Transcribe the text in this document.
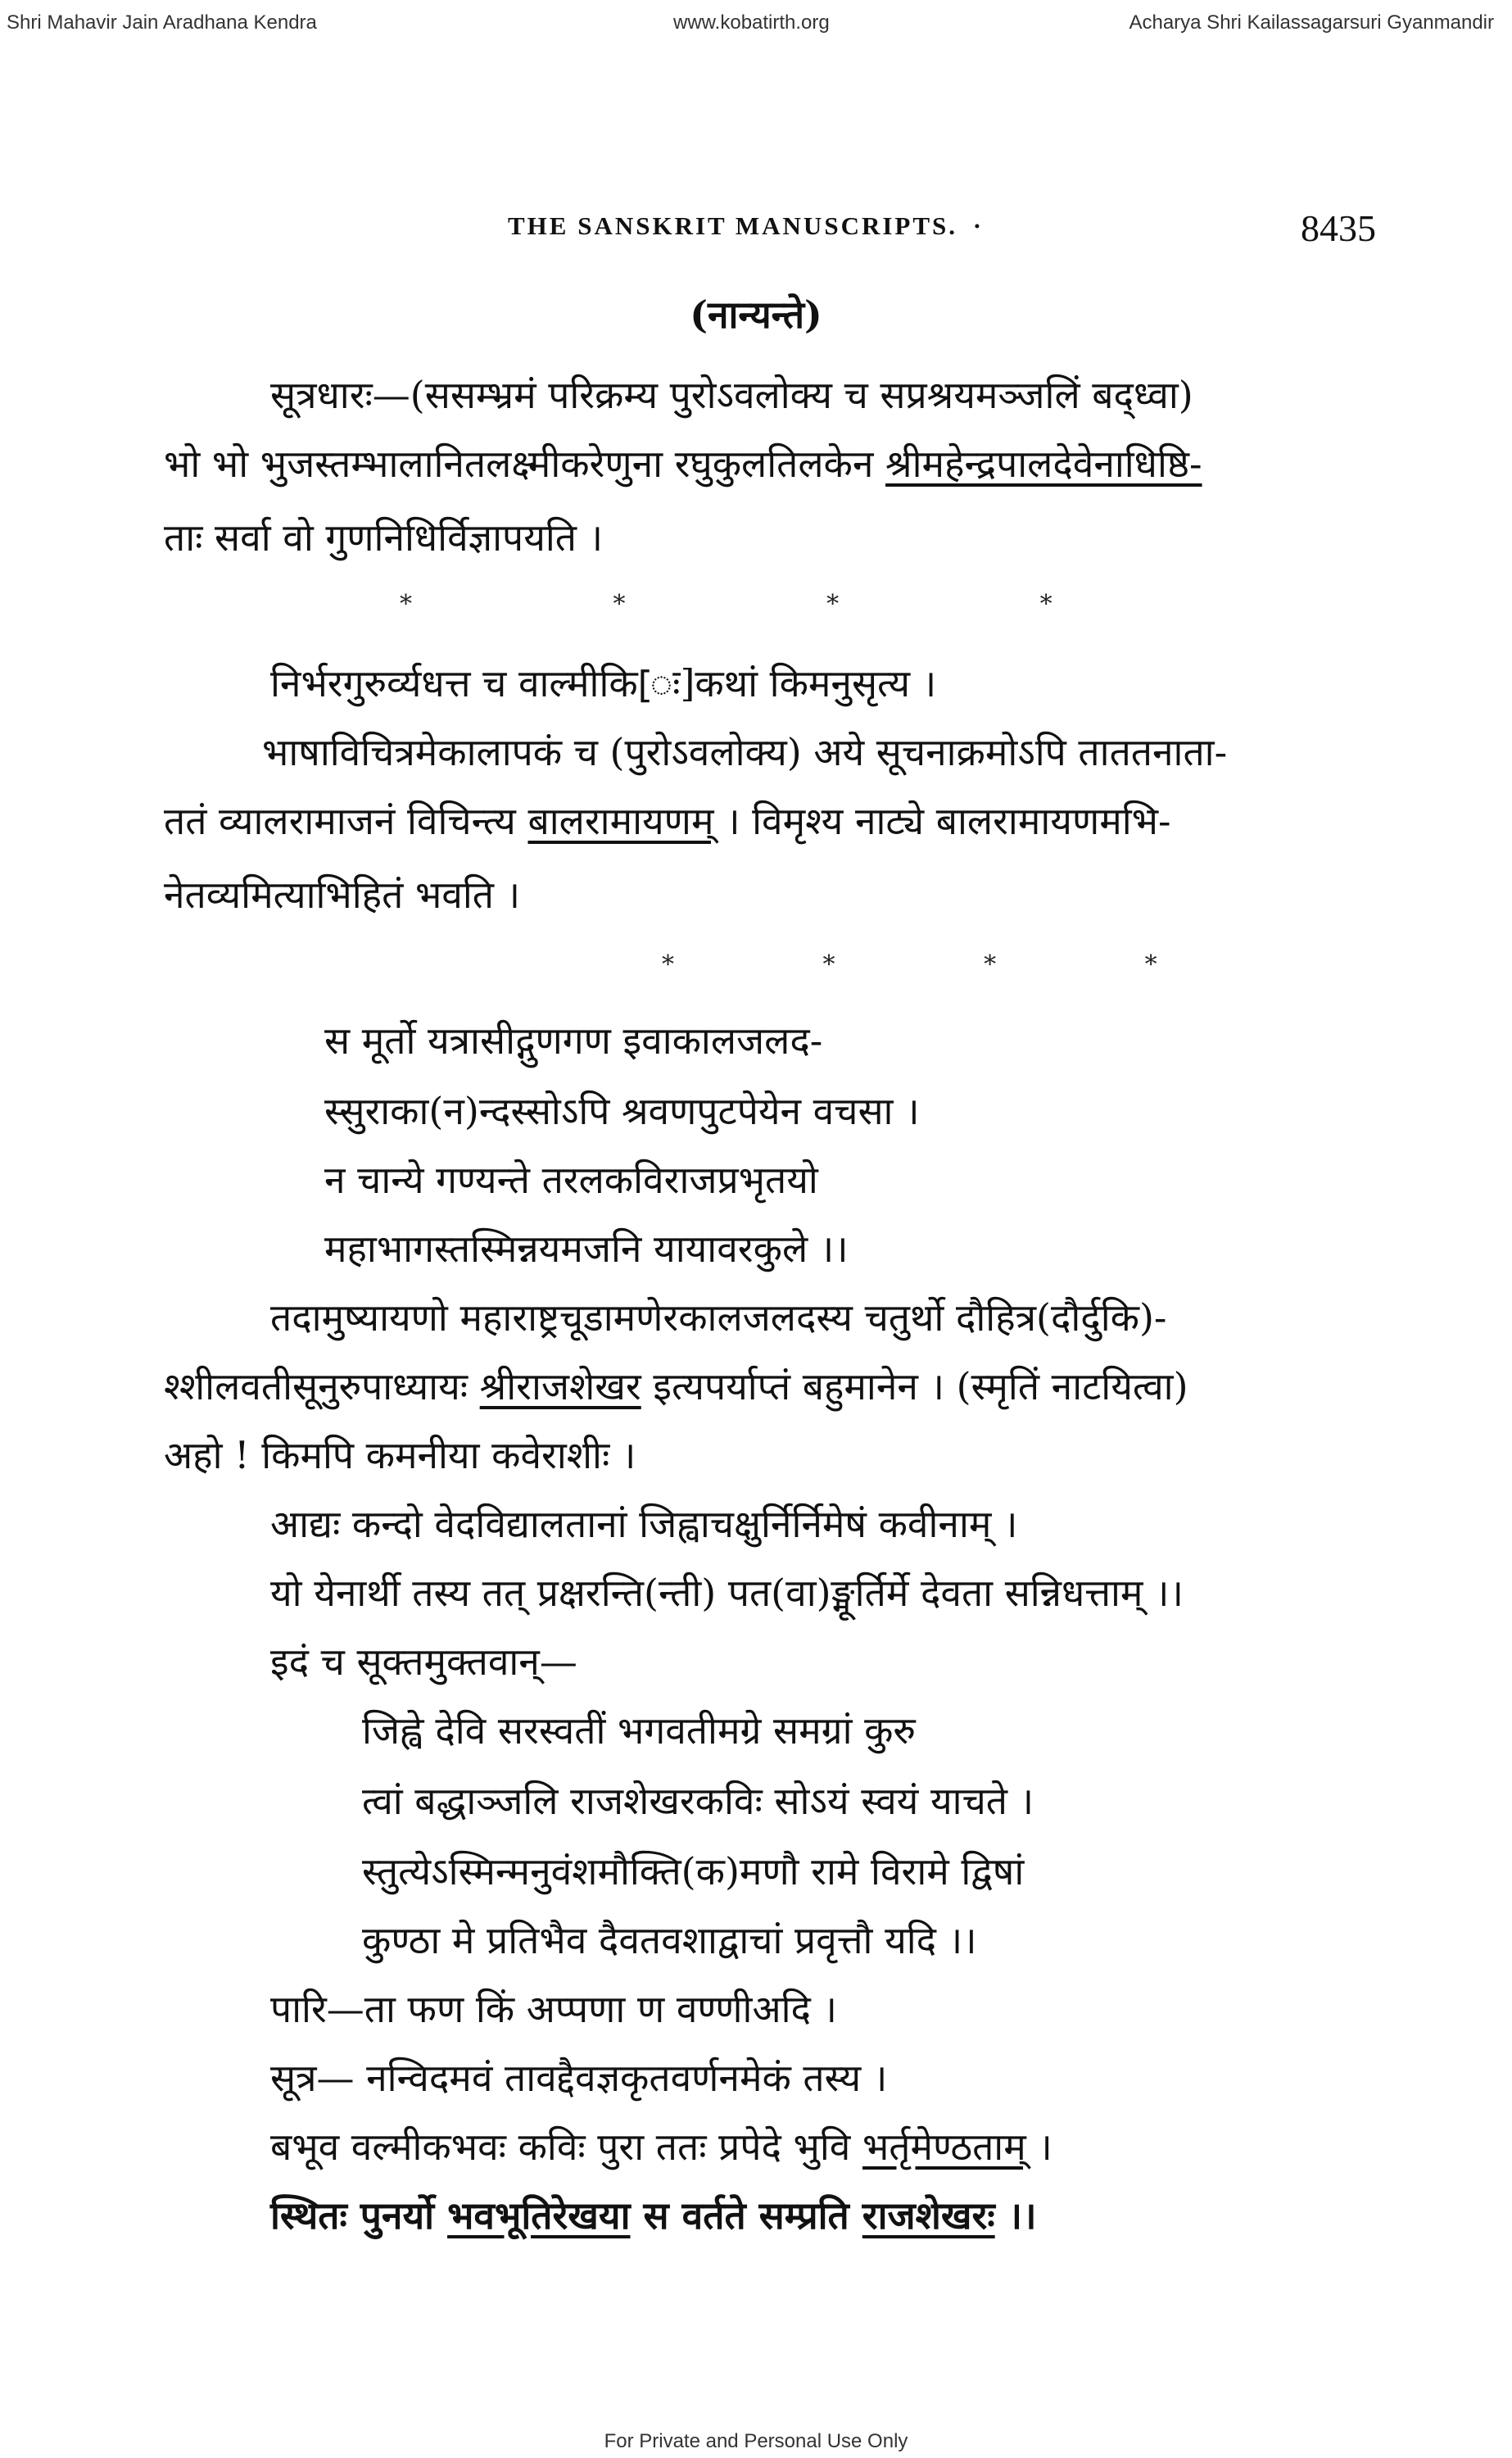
Shri Mahavir Jain Aradhana Kendra	www.kobatirth.org	Acharya Shri Kailassagarsuri Gyanmandir
THE SANSKRIT MANUSCRIPTS. ·	8435
(नान्यन्ते)
सूत्रधारः—(ससम्भ्रमं परिक्रम्य पुरोऽवलोक्य च सप्रश्रयमञ्जलिं बद्ध्वा)
भो भो भुजस्तम्भालानितलक्ष्मीकरेणुना रघुकुलतिलकेन श्रीमहेन्द्रपालदेवेनाधिष्ठि-
ताः सर्वा वो गुणनिधिर्विज्ञापयति ।
* * * *
निर्भरगुरुर्व्यधत्त च वाल्मीकि[ः]कथां किमनुसृत्य ।
भाषाविचित्रमेकालापकं च (पुरोऽवलोक्य) अये सूचनाक्रमोऽपि ताततनाता-
ततं व्यालरामाजनं विचिन्त्य बालरामायणम् । विमृश्य नाट्ये बालरामायणमभि-
नेतव्यमित्याभिहितं भवति ।
* * * *
स मूर्तो यत्रासीद्गुणगण इवाकालजलद-
स्सुराका(न)न्दस्सोऽपि श्रवणपुटपेयेन वचसा ।
न चान्ये गण्यन्ते तरलकविराजप्रभृतयो
महाभागस्तस्मिन्नयमजनि यायावरकुले ।।
तदामुष्यायणो महाराष्ट्रचूडामणेरकालजलदस्य चतुर्थो दौहित्र(दौर्दुकि)-
श्शीलवतीसूनुरुपाध्यायः श्रीराजशेखर इत्यपर्याप्तं बहुमानेन । (स्मृतिं नाटयित्वा)
अहो ! किमपि कमनीया कवेराशीः ।
आद्यः कन्दो वेदविद्यालतानां जिह्वाचक्षुर्निर्निमेषं कवीनाम् ।
यो येनार्थी तस्य तत् प्रक्षरन्ति(न्ती) पत(वा)ङ्मूर्तिर्मे देवता सन्निधत्ताम् ।।
इदं च सूक्तमुक्तवान्—
जिह्वे देवि सरस्वतीं भगवतीमग्रे समग्रां कुरु
त्वां बद्धाञ्जलि राजशेखरकविः सोऽयं स्वयं याचते ।
स्तुत्येऽस्मिन्मनुवंशमौक्ति(क)मणौ रामे विरामे द्विषां
कुण्ठा मे प्रतिभैव दैवतवशाद्वाचां प्रवृत्तौ यदि ।।
पारि—ता फण किं अप्पणा ण वण्णीअदि ।
सूत्र— नन्विदमवं तावद्दैवज्ञकृतवर्णनमेकं तस्य ।
बभूव वल्मीकभवः कविः पुरा ततः प्रपेदे भुवि भर्तृमेण्ठताम् ।
स्थितः पुनर्यो भवभूतिरेखया स वर्तते सम्प्रति राजशेखरः ।।
For Private and Personal Use Only
